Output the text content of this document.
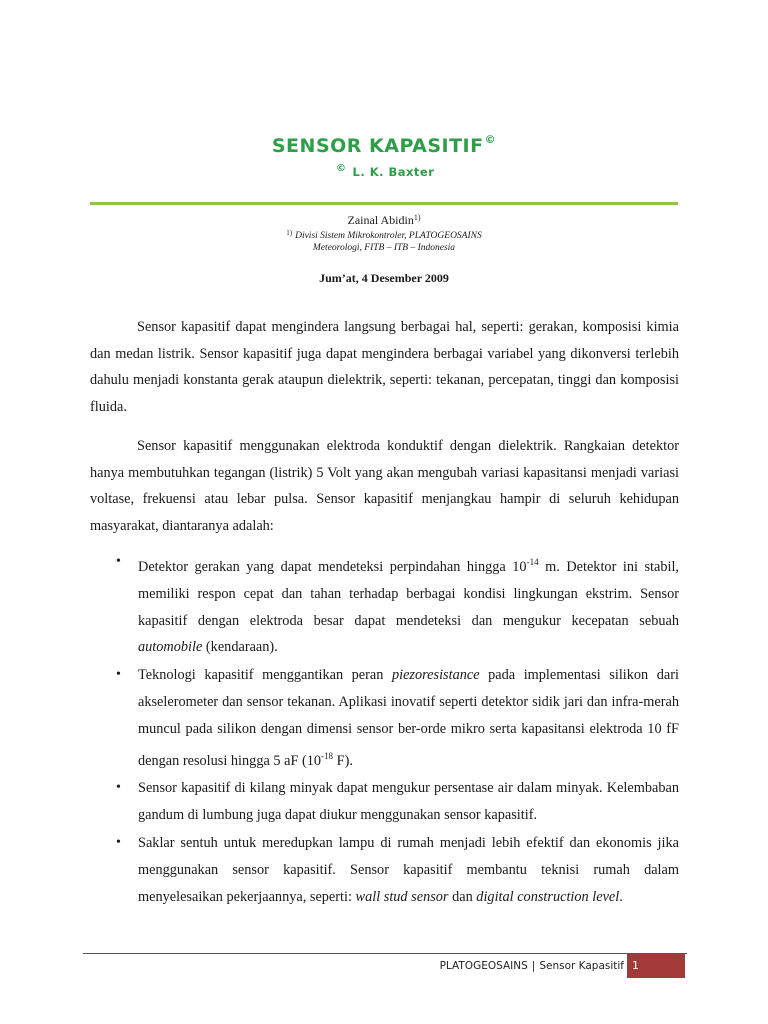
SENSOR KAPASITIF©
© L. K. Baxter
Zainal Abidin$^{1)}$
$^{1)}$ Divisi Sistem Mikrokontroler, PLATOGEOSAINS
Meteorologi, FITB – ITB – Indonesia
Jum’at, 4 Desember 2009

Sensor kapasitif dapat mengindera langsung berbagai hal, seperti: gerakan, komposisi kimia dan medan listrik. Sensor kapasitif juga dapat mengindera berbagai variabel yang dikonversi terlebih dahulu menjadi konstanta gerak ataupun dielektrik, seperti: tekanan, percepatan, tinggi dan komposisi fluida.

Sensor kapasitif menggunakan elektroda konduktif dengan dielektrik. Rangkaian detektor hanya membutuhkan tegangan (listrik) 5 Volt yang akan mengubah variasi kapasitansi menjadi variasi voltase, frekuensi atau lebar pulsa. Sensor kapasitif menjangkau hampir di seluruh kehidupan masyarakat, diantaranya adalah:

• Detektor gerakan yang dapat mendeteksi perpindahan hingga $10^{-14}$ m. Detektor ini stabil, memiliki respon cepat dan tahan terhadap berbagai kondisi lingkungan ekstrim. Sensor kapasitif dengan elektroda besar dapat mendeteksi dan mengukur kecepatan sebuah automobile (kendaraan).
• Teknologi kapasitif menggantikan peran piezoresistance pada implementasi silikon dari akselerometer dan sensor tekanan. Aplikasi inovatif seperti detektor sidik jari dan infra-merah muncul pada silikon dengan dimensi sensor ber-orde mikro serta kapasitansi elektroda 10 fF dengan resolusi hingga 5 aF ($10^{-18}$ F).
• Sensor kapasitif di kilang minyak dapat mengukur persentase air dalam minyak. Kelembaban gandum di lumbung juga dapat diukur menggunakan sensor kapasitif.
• Saklar sentuh untuk meredupkan lampu di rumah menjadi lebih efektif dan ekonomis jika menggunakan sensor kapasitif. Sensor kapasitif membantu teknisi rumah dalam menyelesaikan pekerjaannya, seperti: wall stud sensor dan digital construction level.
PLATOGEOSAINS | Sensor Kapasitif 1
